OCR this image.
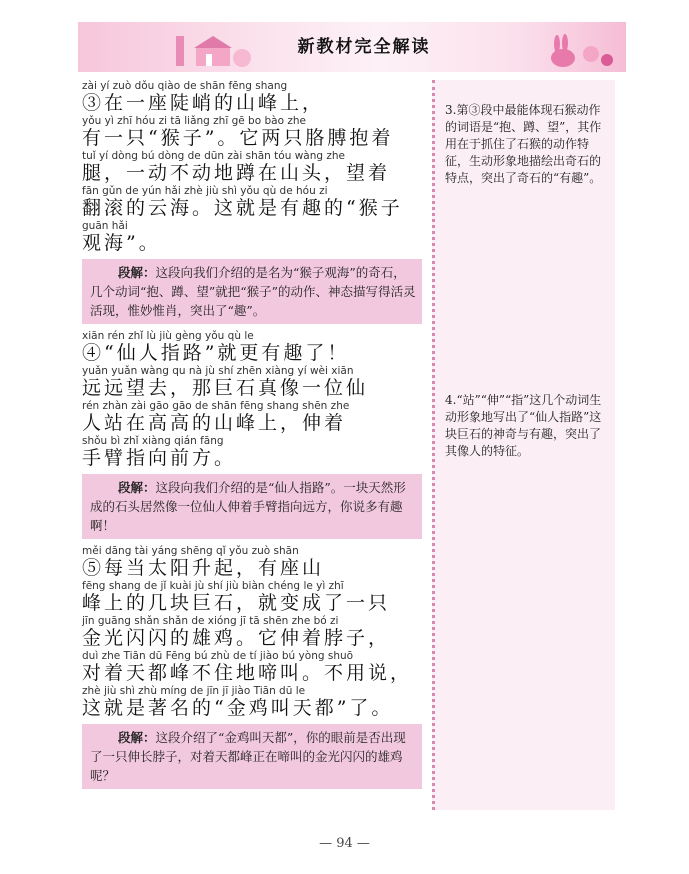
新教材完全解读
zài yí zuò dǒu qiào de shān fēng shang
③在一座陡峭的山峰上，
yǒu yì zhī hóu zi tā liǎng zhī gē bo bào zhe
有一只“猴子”。它两只胳膊抱着
tuǐ yí dòng bú dòng de dūn zài shān tóu wàng zhe
腿，一动不动地蹲在山头，望着
fān gǔn de yún hǎi zhè jiù shì yǒu qù de hóu zi
翻滚的云海。这就是有趣的“猴子
guān hǎi
观海”。
段解：这段向我们介绍的是名为“猴子观海”的奇石，几个动词“抱、蹲、望”就把“猴子”的动作、神态描写得活灵活现，惟妙惟肖，突出了“趣”。
xiān rén zhǐ lù jiù gèng yǒu qù le
④“仙人指路”就更有趣了！
yuǎn yuǎn wàng qu nà jù shí zhēn xiàng yí wèi xiān
远远望去，那巨石真像一位仙
rén zhàn zài gāo gāo de shān fēng shang shēn zhe
人站在高高的山峰上，伸着
shǒu bì zhǐ xiàng qián fāng
手臂指向前方。
段解：这段向我们介绍的是“仙人指路”。一块天然形成的石头居然像一位仙人伸着手臂指向远方，你说多有趣啊！
měi dāng tài yáng shēng qǐ yǒu zuò shān
⑤每当太阳升起，有座山
fēng shang de jǐ kuài jù shí jiù biàn chéng le yì zhī
峰上的几块巨石，就变成了一只
jīn guāng shǎn shǎn de xióng jī tā shēn zhe bó zi
金光闪闪的雄鸡。它伸着脖子，
duì zhe Tiān dū Fēng bú zhù de tí jiào bú yòng shuō
对着天都峰不住地啼叫。不用说，
zhè jiù shì zhù míng de jīn jī jiào Tiān dū le
这就是著名的“金鸡叫天都”了。
段解：这段介绍了“金鸡叫天都”，你的眼前是否出现了一只伸长脖子，对着天都峰正在啼叫的金光闪闪的雄鸡呢？
3.第③段中最能体现石猴动作的词语是“抱、蹲、望”，其作用在于抓住了石猴的动作特征，生动形象地描绘出奇石的特点，突出了奇石的“有趣”。
4.“站”“伸”“指”这几个动词生动形象地写出了“仙人指路”这块巨石的神奇与有趣，突出了其像人的特征。
— 94 —
